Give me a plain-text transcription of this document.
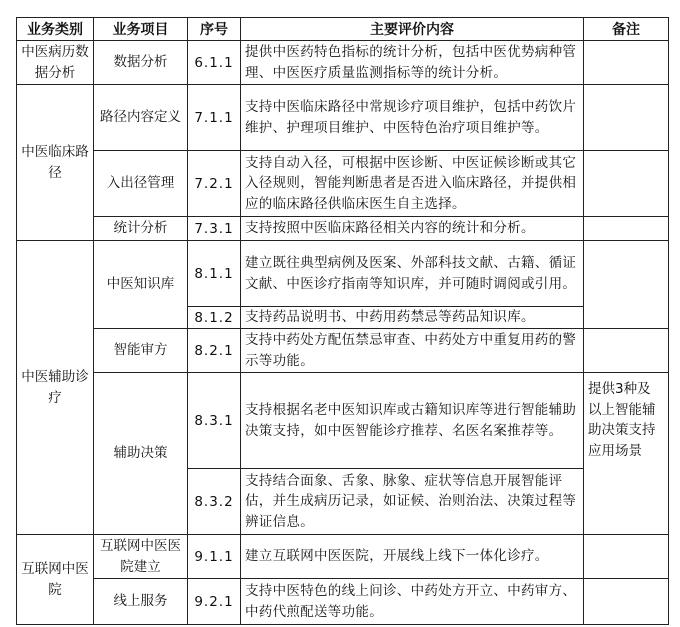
业务类别	业务项目	序号	主要评价内容	备注
中医病历数据分析	数据分析	6.1.1	提供中医药特色指标的统计分析，包括中医优势病种管理、中医医疗质量监测指标等的统计分析。	
中医临床路径	路径内容定义	7.1.1	支持中医临床路径中常规诊疗项目维护，包括中药饮片维护、护理项目维护、中医特色治疗项目维护等。	
	入出径管理	7.2.1	支持自动入径，可根据中医诊断、中医证候诊断或其它入径规则，智能判断患者是否进入临床路径，并提供相应的临床路径供临床医生自主选择。	
	统计分析	7.3.1	支持按照中医临床路径相关内容的统计和分析。	
中医辅助诊疗	中医知识库	8.1.1	建立既往典型病例及医案、外部科技文献、古籍、循证文献、中医诊疗指南等知识库，并可随时调阅或引用。	
		8.1.2	支持药品说明书、中药用药禁忌等药品知识库。	
	智能审方	8.2.1	支持中药处方配伍禁忌审查、中药处方中重复用药的警示等功能。	
	辅助决策	8.3.1	支持根据名老中医知识库或古籍知识库等进行智能辅助决策支持，如中医智能诊疗推荐、名医名案推荐等。	提供3种及以上智能辅助决策支持应用场景
		8.3.2	支持结合面象、舌象、脉象、症状等信息开展智能评估，并生成病历记录，如证候、治则治法、决策过程等辨证信息。	
互联网中医院	互联网中医医院建立	9.1.1	建立互联网中医医院，开展线上线下一体化诊疗。	
	线上服务	9.2.1	支持中医特色的线上问诊、中药处方开立、中药审方、中药代煎配送等功能。	
